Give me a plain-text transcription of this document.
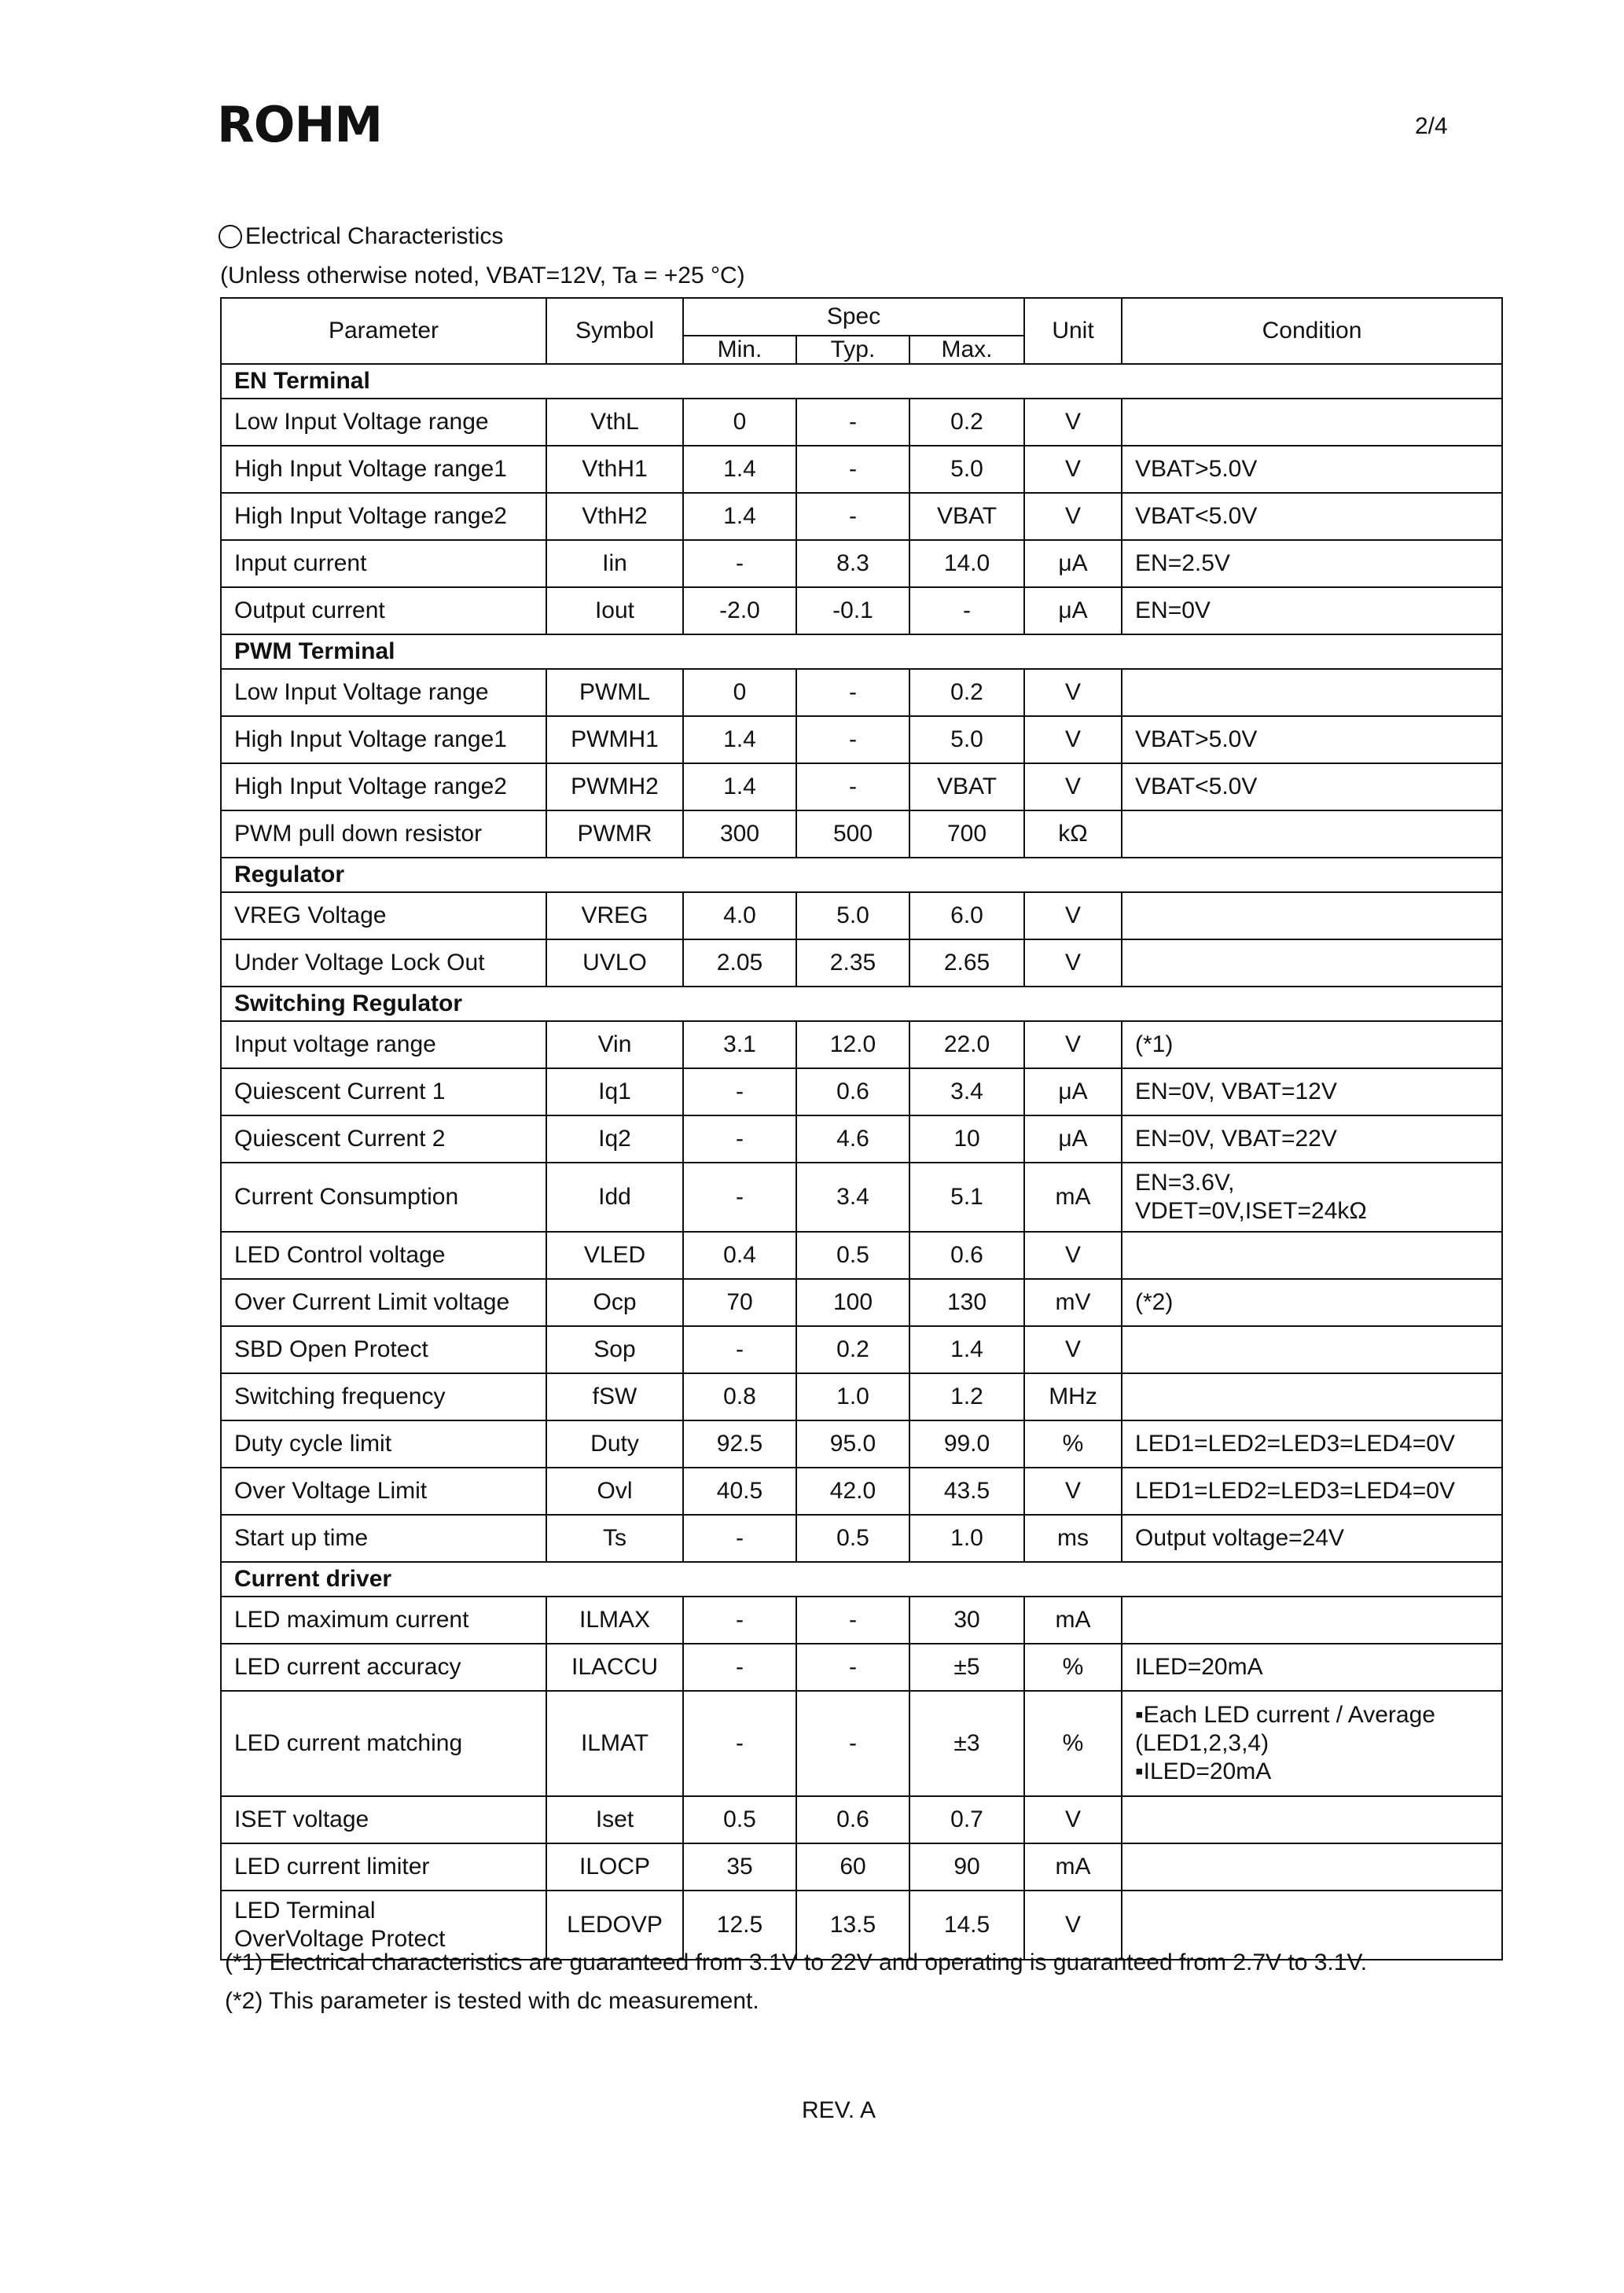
ROHM	2/4
Electrical Characteristics
(Unless otherwise noted, VBAT=12V, Ta = +25 °C)
Parameter	Symbol	Spec			Unit	Condition
		Min.	Typ.	Max.		
EN Terminal						
Low Input Voltage range	VthL	0	-	0.2	V	
High Input Voltage range1	VthH1	1.4	-	5.0	V	VBAT>5.0V
High Input Voltage range2	VthH2	1.4	-	VBAT	V	VBAT<5.0V
Input current	Iin	-	8.3	14.0	μA	EN=2.5V
Output current	Iout	-2.0	-0.1	-	μA	EN=0V
PWM Terminal						
Low Input Voltage range	PWML	0	-	0.2	V	
High Input Voltage range1	PWMH1	1.4	-	5.0	V	VBAT>5.0V
High Input Voltage range2	PWMH2	1.4	-	VBAT	V	VBAT<5.0V
PWM pull down resistor	PWMR	300	500	700	kΩ	
Regulator						
VREG Voltage	VREG	4.0	5.0	6.0	V	
Under Voltage Lock Out	UVLO	2.05	2.35	2.65	V	
Switching Regulator						
Input voltage range	Vin	3.1	12.0	22.0	V	(*1)
Quiescent Current 1	Iq1	-	0.6	3.4	μA	EN=0V, VBAT=12V
Quiescent Current 2	Iq2	-	4.6	10	μA	EN=0V, VBAT=22V
Current Consumption	Idd	-	3.4	5.1	mA	EN=3.6V,
VDET=0V,ISET=24kΩ

LED Control voltage	VLED	0.4	0.5	0.6	V	
Over Current Limit voltage	Ocp	70	100	130	mV	(*2)
SBD Open Protect	Sop	-	0.2	1.4	V	
Switching frequency	fSW	0.8	1.0	1.2	MHz	
Duty cycle limit	Duty	92.5	95.0	99.0	%	LED1=LED2=LED3=LED4=0V
Over Voltage Limit	Ovl	40.5	42.0	43.5	V	LED1=LED2=LED3=LED4=0V
Start up time	Ts	-	0.5	1.0	ms	Output voltage=24V
Current driver						
LED maximum current	ILMAX	-	-	30	mA	
LED current accuracy	ILACCU	-	-	±5	%	ILED=20mA
LED current matching	ILMAT	-	-	±3	%	▪Each LED current / Average
(LED1,2,3,4)
▪ILED=20mA

ISET voltage	Iset	0.5	0.6	0.7	V	
LED current limiter	ILOCP	35	60	90	mA	

LED Terminal
OverVoltage Protect	LEDOVP	12.5	13.5	14.5	V	
(*1) Electrical characteristics are guaranteed from 3.1V to 22V and operating is guaranteed from 2.7V to 3.1V.
(*2) This parameter is tested with dc measurement.
REV. A
